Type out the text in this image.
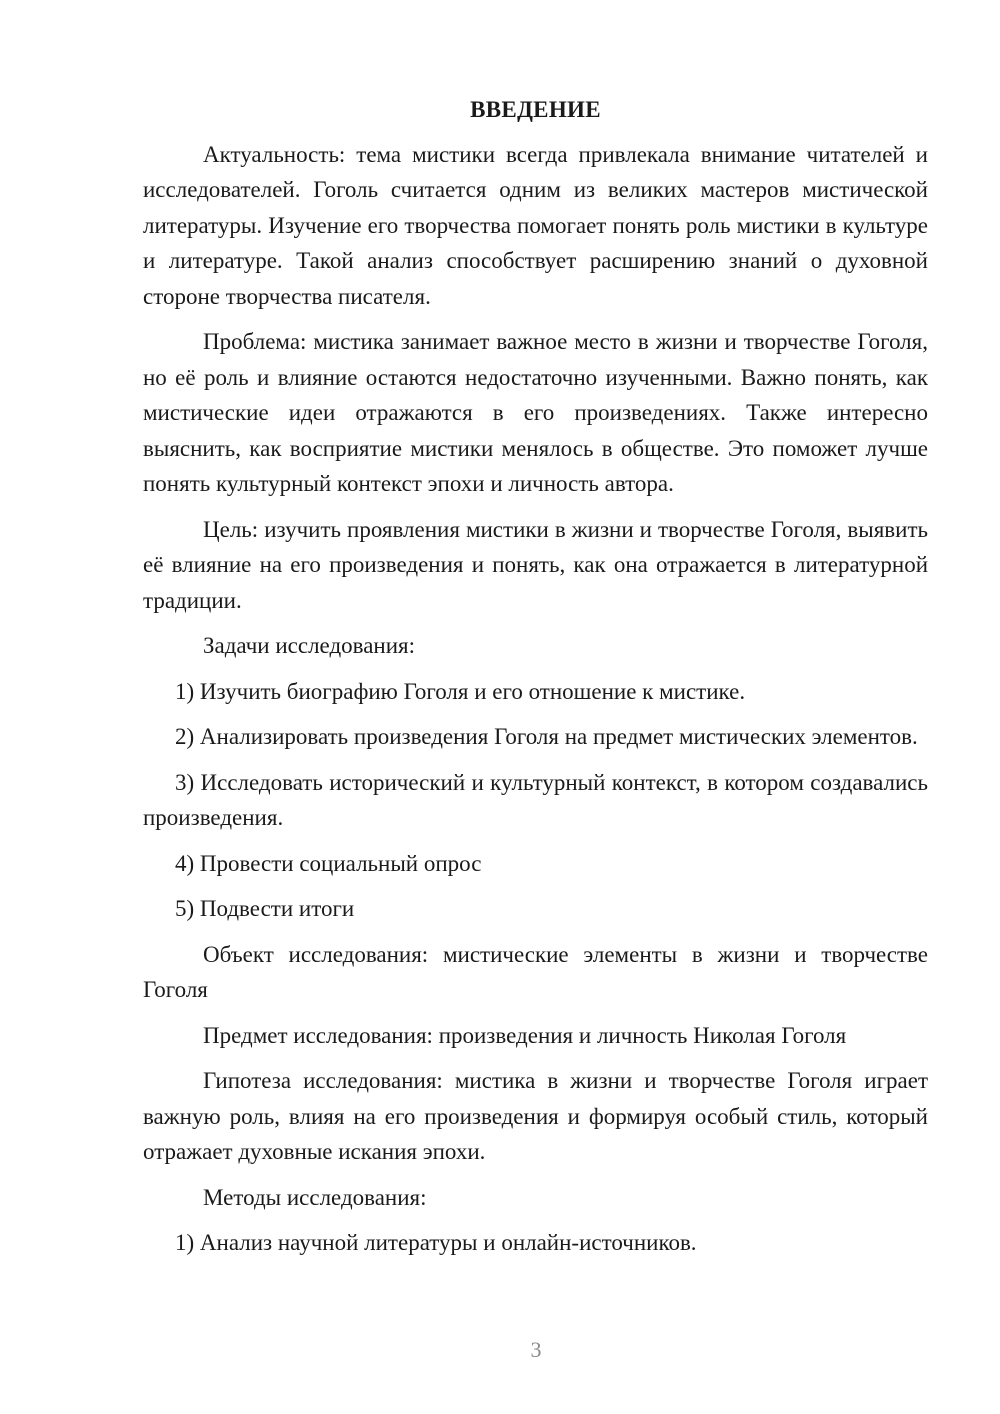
ВВЕДЕНИЕ

Актуальность: тема мистики всегда привлекала внимание читателей и исследователей. Гоголь считается одним из великих мастеров мистической литературы. Изучение его творчества помогает понять роль мистики в культуре и литературе. Такой анализ способствует расширению знаний о духовной стороне творчества писателя.

Проблема: мистика занимает важное место в жизни и творчестве Гоголя, но её роль и влияние остаются недостаточно изученными. Важно понять, как мистические идеи отражаются в его произведениях. Также интересно выяснить, как восприятие мистики менялось в обществе. Это поможет лучше понять культурный контекст эпохи и личность автора.

Цель: изучить проявления мистики в жизни и творчестве Гоголя, выявить её влияние на его произведения и понять, как она отражается в литературной традиции.

Задачи исследования:

1) Изучить биографию Гоголя и его отношение к мистике.

2) Анализировать произведения Гоголя на предмет мистических элементов.

3) Исследовать исторический и культурный контекст, в котором создавались произведения.

4) Провести социальный опрос

5) Подвести итоги

Объект исследования: мистические элементы в жизни и творчестве Гоголя

Предмет исследования: произведения и личность Николая Гоголя

Гипотеза исследования: мистика в жизни и творчестве Гоголя играет важную роль, влияя на его произведения и формируя особый стиль, который отражает духовные искания эпохи.

Методы исследования:

1) Анализ научной литературы и онлайн-источников.

3
